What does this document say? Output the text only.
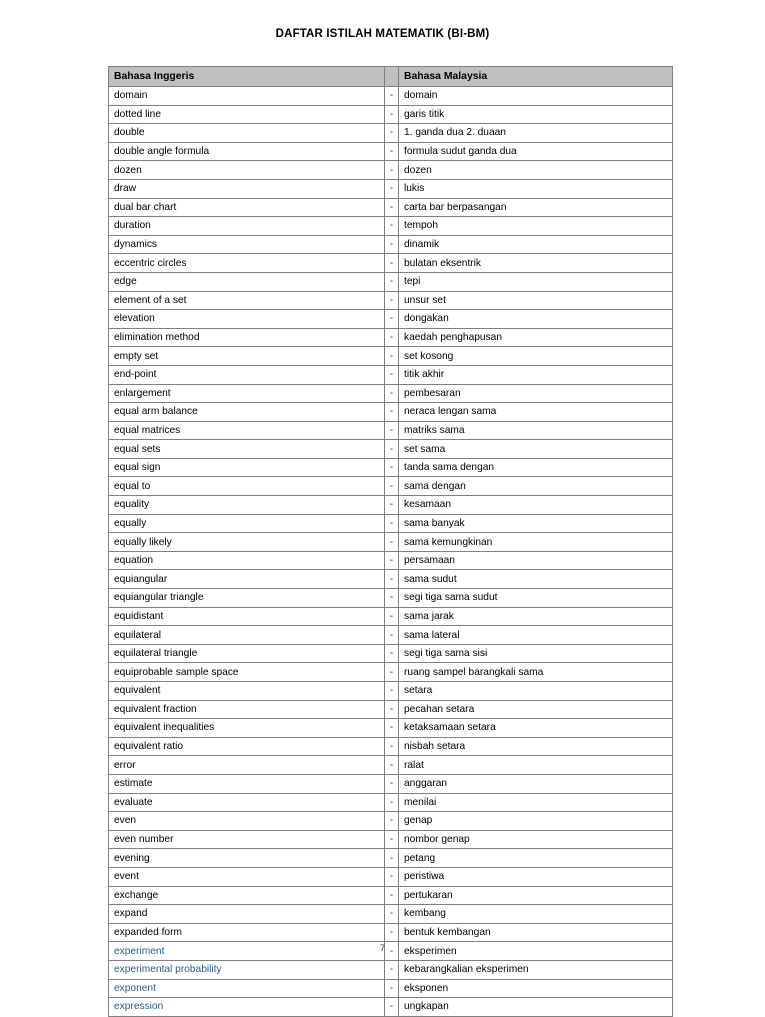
DAFTAR ISTILAH MATEMATIK (BI-BM)
Bahasa Inggeris		Bahasa Malaysia
domain	-	domain
dotted line	-	garis titik
double	-	1. ganda dua 2. duaan
double angle formula	-	formula sudut ganda dua
dozen	-	dozen
draw	-	lukis
dual bar chart	-	carta bar berpasangan
duration	-	tempoh
dynamics	-	dinamik
eccentric circles	-	bulatan eksentrik
edge	-	tepi
element of a set	-	unsur set
elevation	-	dongakan
elimination method	-	kaedah penghapusan
empty set	-	set kosong
end-point	-	titik akhir
enlargement	-	pembesaran
equal arm balance	-	neraca lengan sama
equal matrices	-	matriks sama
equal sets	-	set sama
equal sign	-	tanda sama dengan
equal to	-	sama dengan
equality	-	kesamaan
equally	-	sama banyak
equally likely	-	sama kemungkinan
equation	-	persamaan
equiangular	-	sama sudut
equiangular triangle	-	segi tiga sama sudut
equidistant	-	sama jarak
equilateral	-	sama lateral
equilateral triangle	-	segi tiga sama sisi
equiprobable sample space	-	ruang sampel barangkali sama
equivalent	-	setara
equivalent fraction	-	pecahan setara
equivalent inequalities	-	ketaksamaan setara
equivalent ratio	-	nisbah setara
error	-	ralat
estimate	-	anggaran
evaluate	-	menilai
even	-	genap
even number	-	nombor genap
evening	-	petang
event	-	peristiwa
exchange	-	pertukaran
expand	-	kembang
expanded form	-	bentuk kembangan
experiment	-	eksperimen
experimental probability	-	kebarangkalian eksperimen
exponent	-	eksponen
expression	-	ungkapan
7
